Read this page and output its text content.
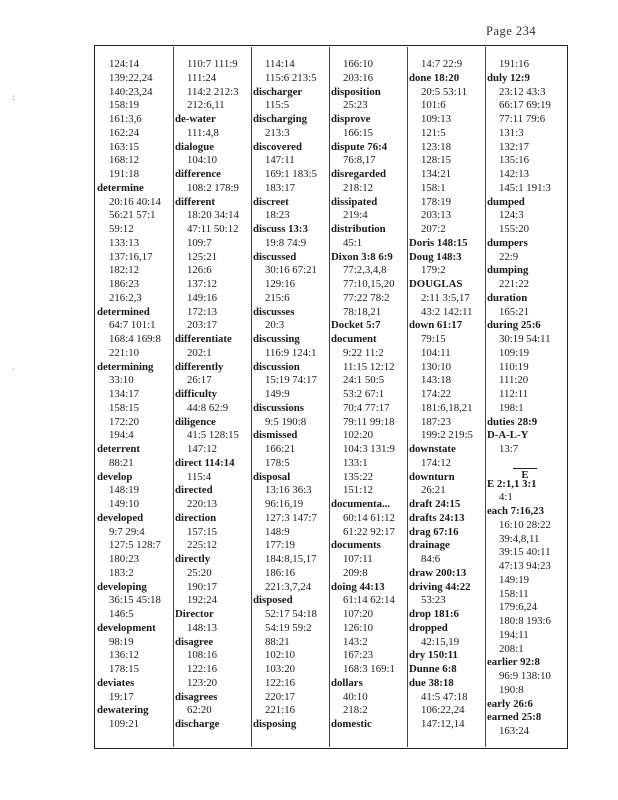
Page 234
:
.
124:14
139:22,24
140:23,24
158:19
161:3,6
162:24
163:15
168:12
191:18
determine
20:16 40:14
56:21 57:1
59:12
133:13
137:16,17
182:12
186:23
216:2,3
determined
64:7 101:1
168:4 169:8
221:10
determining
33:10
134:17
158:15
172:20
194:4
deterrent
88:21
develop
148:19
149:10
developed
9:7 29:4
127:5 128:7
180:23
183:2
developing
36:15 45:18
146:5
development
98:19
136:12
178:15
deviates
19:17
dewatering
109:21
110:7 111:9
111:24
114:2 212:3
212:6,11
de-water
111:4,8
dialogue
104:10
difference
108:2 178:9
different
18:20 34:14
47:11 50:12
109:7
125:21
126:6
137:12
149:16
172:13
203:17
differentiate
202:1
differently
26:17
difficulty
44:8 62:9
diligence
41:5 128:15
147:12
direct 114:14
115:4
directed
220:13
direction
157:15
225:12
directly
25:20
190:17
192:24
Director
148:13
disagree
108:16
122:16
123:20
disagrees
62:20
discharge
114:14
115:6 213:5
discharger
115:5
discharging
213:3
discovered
147:11
169:1 183:5
183:17
discreet
18:23
discuss 13:3
19:8 74:9
discussed
30:16 67:21
129:16
215:6
discusses
20:3
discussing
116:9 124:1
discussion
15:19 74:17
149:9
discussions
9:5 190:8
dismissed
166:21
178:5
disposal
13:16 36:3
96:16,19
127:3 147:7
148:9
177:19
184:8,15,17
186:16
221:3,7,24
disposed
52:17 54:18
54:19 59:2
88:21
102:10
103:20
122:16
220:17
221:16
disposing
166:10
203:16
disposition
25:23
disprove
166:15
dispute 76:4
76:8,17
disregarded
218:12
dissipated
219:4
distribution
45:1
Dixon 3:8 6:9
77:2,3,4,8
77:10,15,20
77:22 78:2
78:18,21
Docket 5:7
document
9:22 11:2
11:15 12:12
24:1 50:5
53:2 67:1
70:4 77:17
79:11 99:18
102:20
104:3 131:9
133:1
135:22
151:12
documenta...
60:14 61:12
61:22 92:17
documents
107:11
209:8
doing 44:13
61:14 62:14
107:20
126:10
143:2
167:23
168:3 169:1
dollars
40:10
218:2
domestic
14:7 22:9
done 18:20
20:5 53:11
101:6
109:13
121:5
123:18
128:15
134:21
158:1
178:19
203:13
207:2
Doris 148:15
Doug 148:3
179:2
DOUGLAS
2:11 3:5,17
43:2 142:11
down 61:17
79:15
104:11
130:10
143:18
174:22
181:6,18,21
187:23
199:2 219:5
downstate
174:12
downturn
26:21
draft 24:15
drafts 24:13
drag 67:16
drainage
84:6
draw 200:13
driving 44:22
53:23
drop 181:6
dropped
42:15,19
dry 150:11
Dunne 6:8
due 38:18
41:5 47:18
106:22,24
147:12,14
191:16
duly 12:9
23:12 43:3
66:17 69:19
77:11 79:6
131:3
132:17
135:16
142:13
145:1 191:3
dumped
124:3
155:20
dumpers
22:9
dumping
221:22
duration
165:21
during 25:6
30:19 54:11
109:19
110:19
111:20
112:11
198:1
duties 28:9
D-A-L-Y
13:7
E
E 2:1,1 3:1
4:1
each 7:16,23
16:10 28:22
39:4,8,11
39:15 40:11
47:13 94:23
149:19
158:11
179:6,24
180:8 193:6
194:11
208:1
earlier 92:8
96:9 138:10
190:8
early 26:6
earned 25:8
163:24
